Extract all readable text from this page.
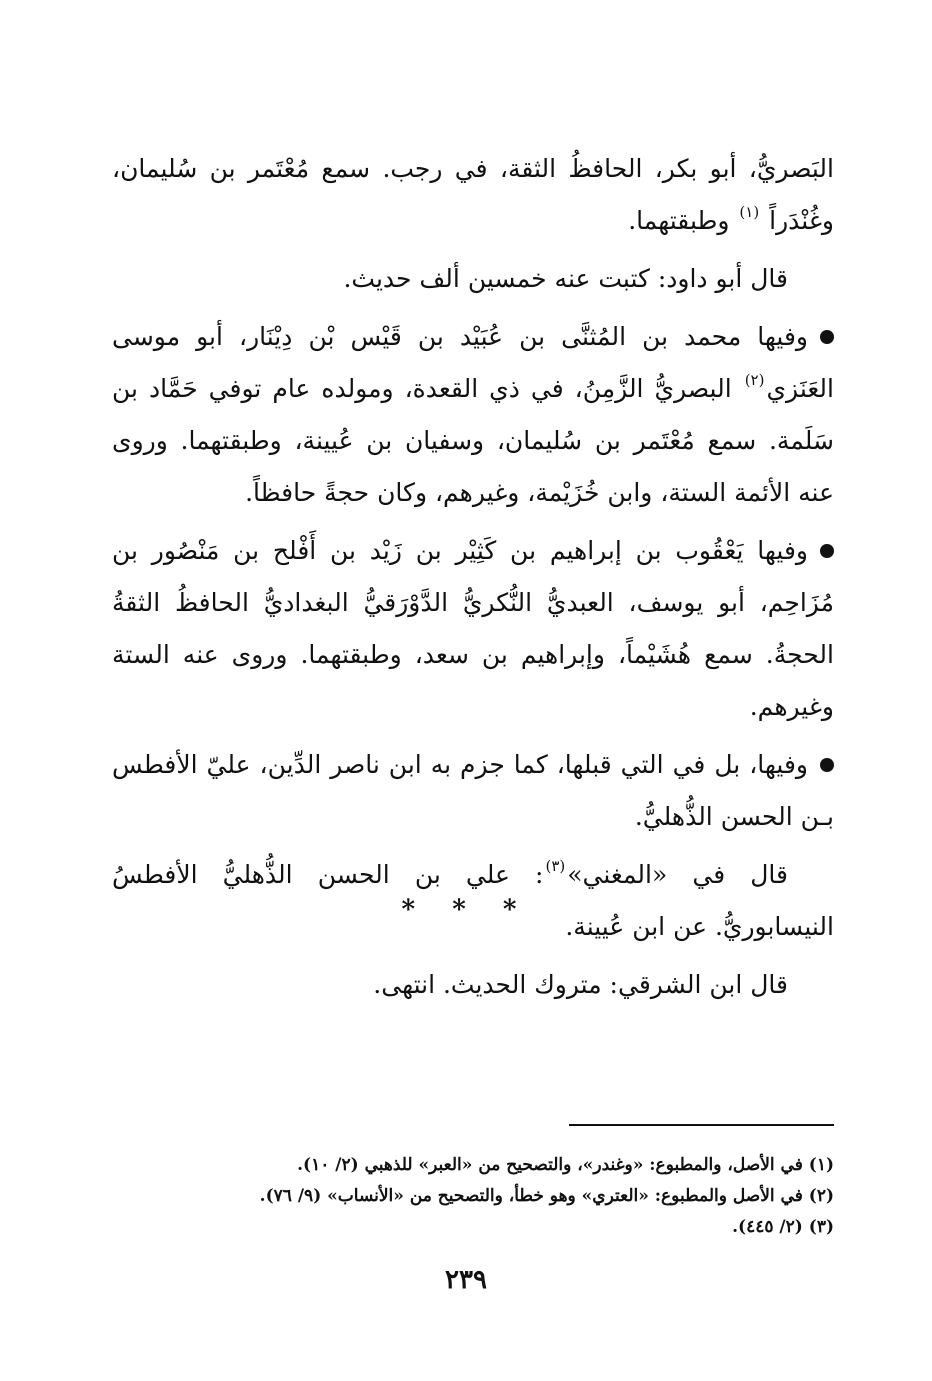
البَصريُّ، أبو بكر، الحافظُ الثقة، في رجب. سمع مُعْتَمر بن سُليمان، وغُنْدَراً $^{(١)}$ وطبقتهما.

قال أبو داود: كتبت عنه خمسين ألف حديث.

وفيها محمد بن المُثنَّى بن عُبَيْد بن قَيْس بْن دِيْنَار، أبو موسى العَنَزي$^{(٢)}$ البصريُّ الزَّمِنُ، في ذي القعدة، ومولده عام توفي حَمَّاد بن سَلَمة. سمع مُعْتَمر بن سُليمان، وسفيان بن عُيينة، وطبقتهما. وروى عنه الأئمة الستة، وابن خُزَيْمة، وغيرهم، وكان حجةً حافظاً.

وفيها يَعْقُوب بن إبراهيم بن كَثِيْر بن زَيْد بن أَفْلح بن مَنْصُور بن مُزَاحِم، أبو يوسف، العبديُّ النُّكريُّ الدَّوْرَقيُّ البغداديُّ الحافظُ الثقةُ الحجةُ. سمع هُشَيْماً، وإبراهيم بن سعد، وطبقتهما. وروى عنه الستة وغيرهم.

وفيها، بل في التي قبلها، كما جزم به ابن ناصر الدِّين، عليّ الأفطس بـن الحسن الذُّهليُّ.

قال في «المغني»$^{(٣)}$: علي بن الحسن الذُّهليُّ الأفطسُ النيسابوريُّ. عن ابن عُيينة.

قال ابن الشرقي: متروك الحديث. انتهى.

* * *
(١) في الأصل، والمطبوع: «وغندر»، والتصحيح من «العبر» للذهبي (٢/ ١٠).
(٢) في الأصل والمطبوع: «العتري» وهو خطأ، والتصحيح من «الأنساب» (٩/ ٧٦).
(٣) (٢/ ٤٤٥).
٢٣٩
